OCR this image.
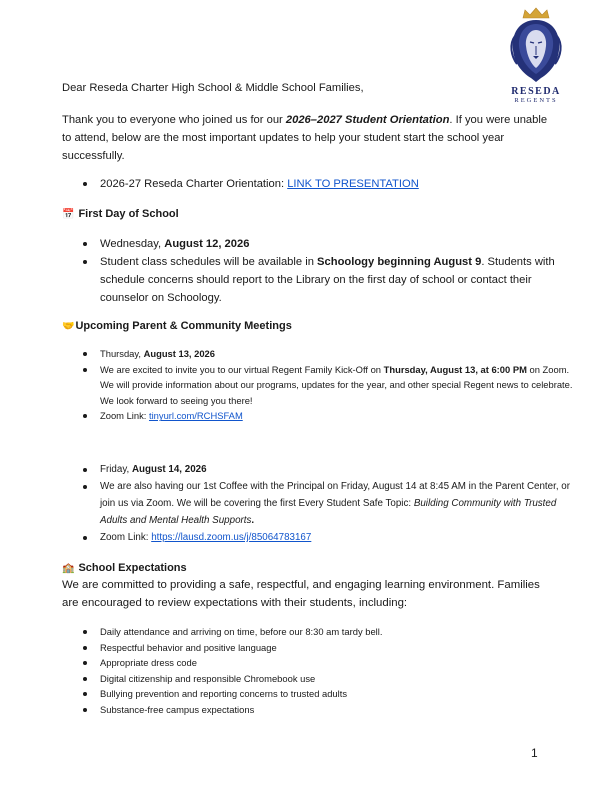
RESEDA
REGENTS

Dear Reseda Charter High School & Middle School Families,

Thank you to everyone who joined us for our 2026–2027 Student Orientation. If you were unable to attend, below are the most important updates to help your student start the school year successfully.

2026-27 Reseda Charter Orientation: LINK TO PRESENTATION
📅 First Day of School
Wednesday, August 12, 2026
Student class schedules will be available in Schoology beginning August 9. Students with schedule concerns should report to the Library on the first day of school or contact their counselor on Schoology.
🤝Upcoming Parent & Community Meetings
Thursday, August 13, 2026
We are excited to invite you to our virtual Regent Family Kick-Off on Thursday, August 13, at 6:00 PM on Zoom. We will provide information about our programs, updates for the year, and other special Regent news to celebrate. We look forward to seeing you there!
Zoom Link: tinyurl.com/RCHSFAM
Friday, August 14, 2026
We are also having our 1st Coffee with the Principal on Friday, August 14 at 8:45 AM in the Parent Center, or join us via Zoom. We will be covering the first Every Student Safe Topic: Building Community with Trusted Adults and Mental Health Supports.
Zoom Link: https://lausd.zoom.us/j/85064783167
🏫 School Expectations

We are committed to providing a safe, respectful, and engaging learning environment. Families are encouraged to review expectations with their students, including:

Daily attendance and arriving on time, before our 8:30 am tardy bell.
Respectful behavior and positive language
Appropriate dress code
Digital citizenship and responsible Chromebook use
Bullying prevention and reporting concerns to trusted adults
Substance-free campus expectations
1
